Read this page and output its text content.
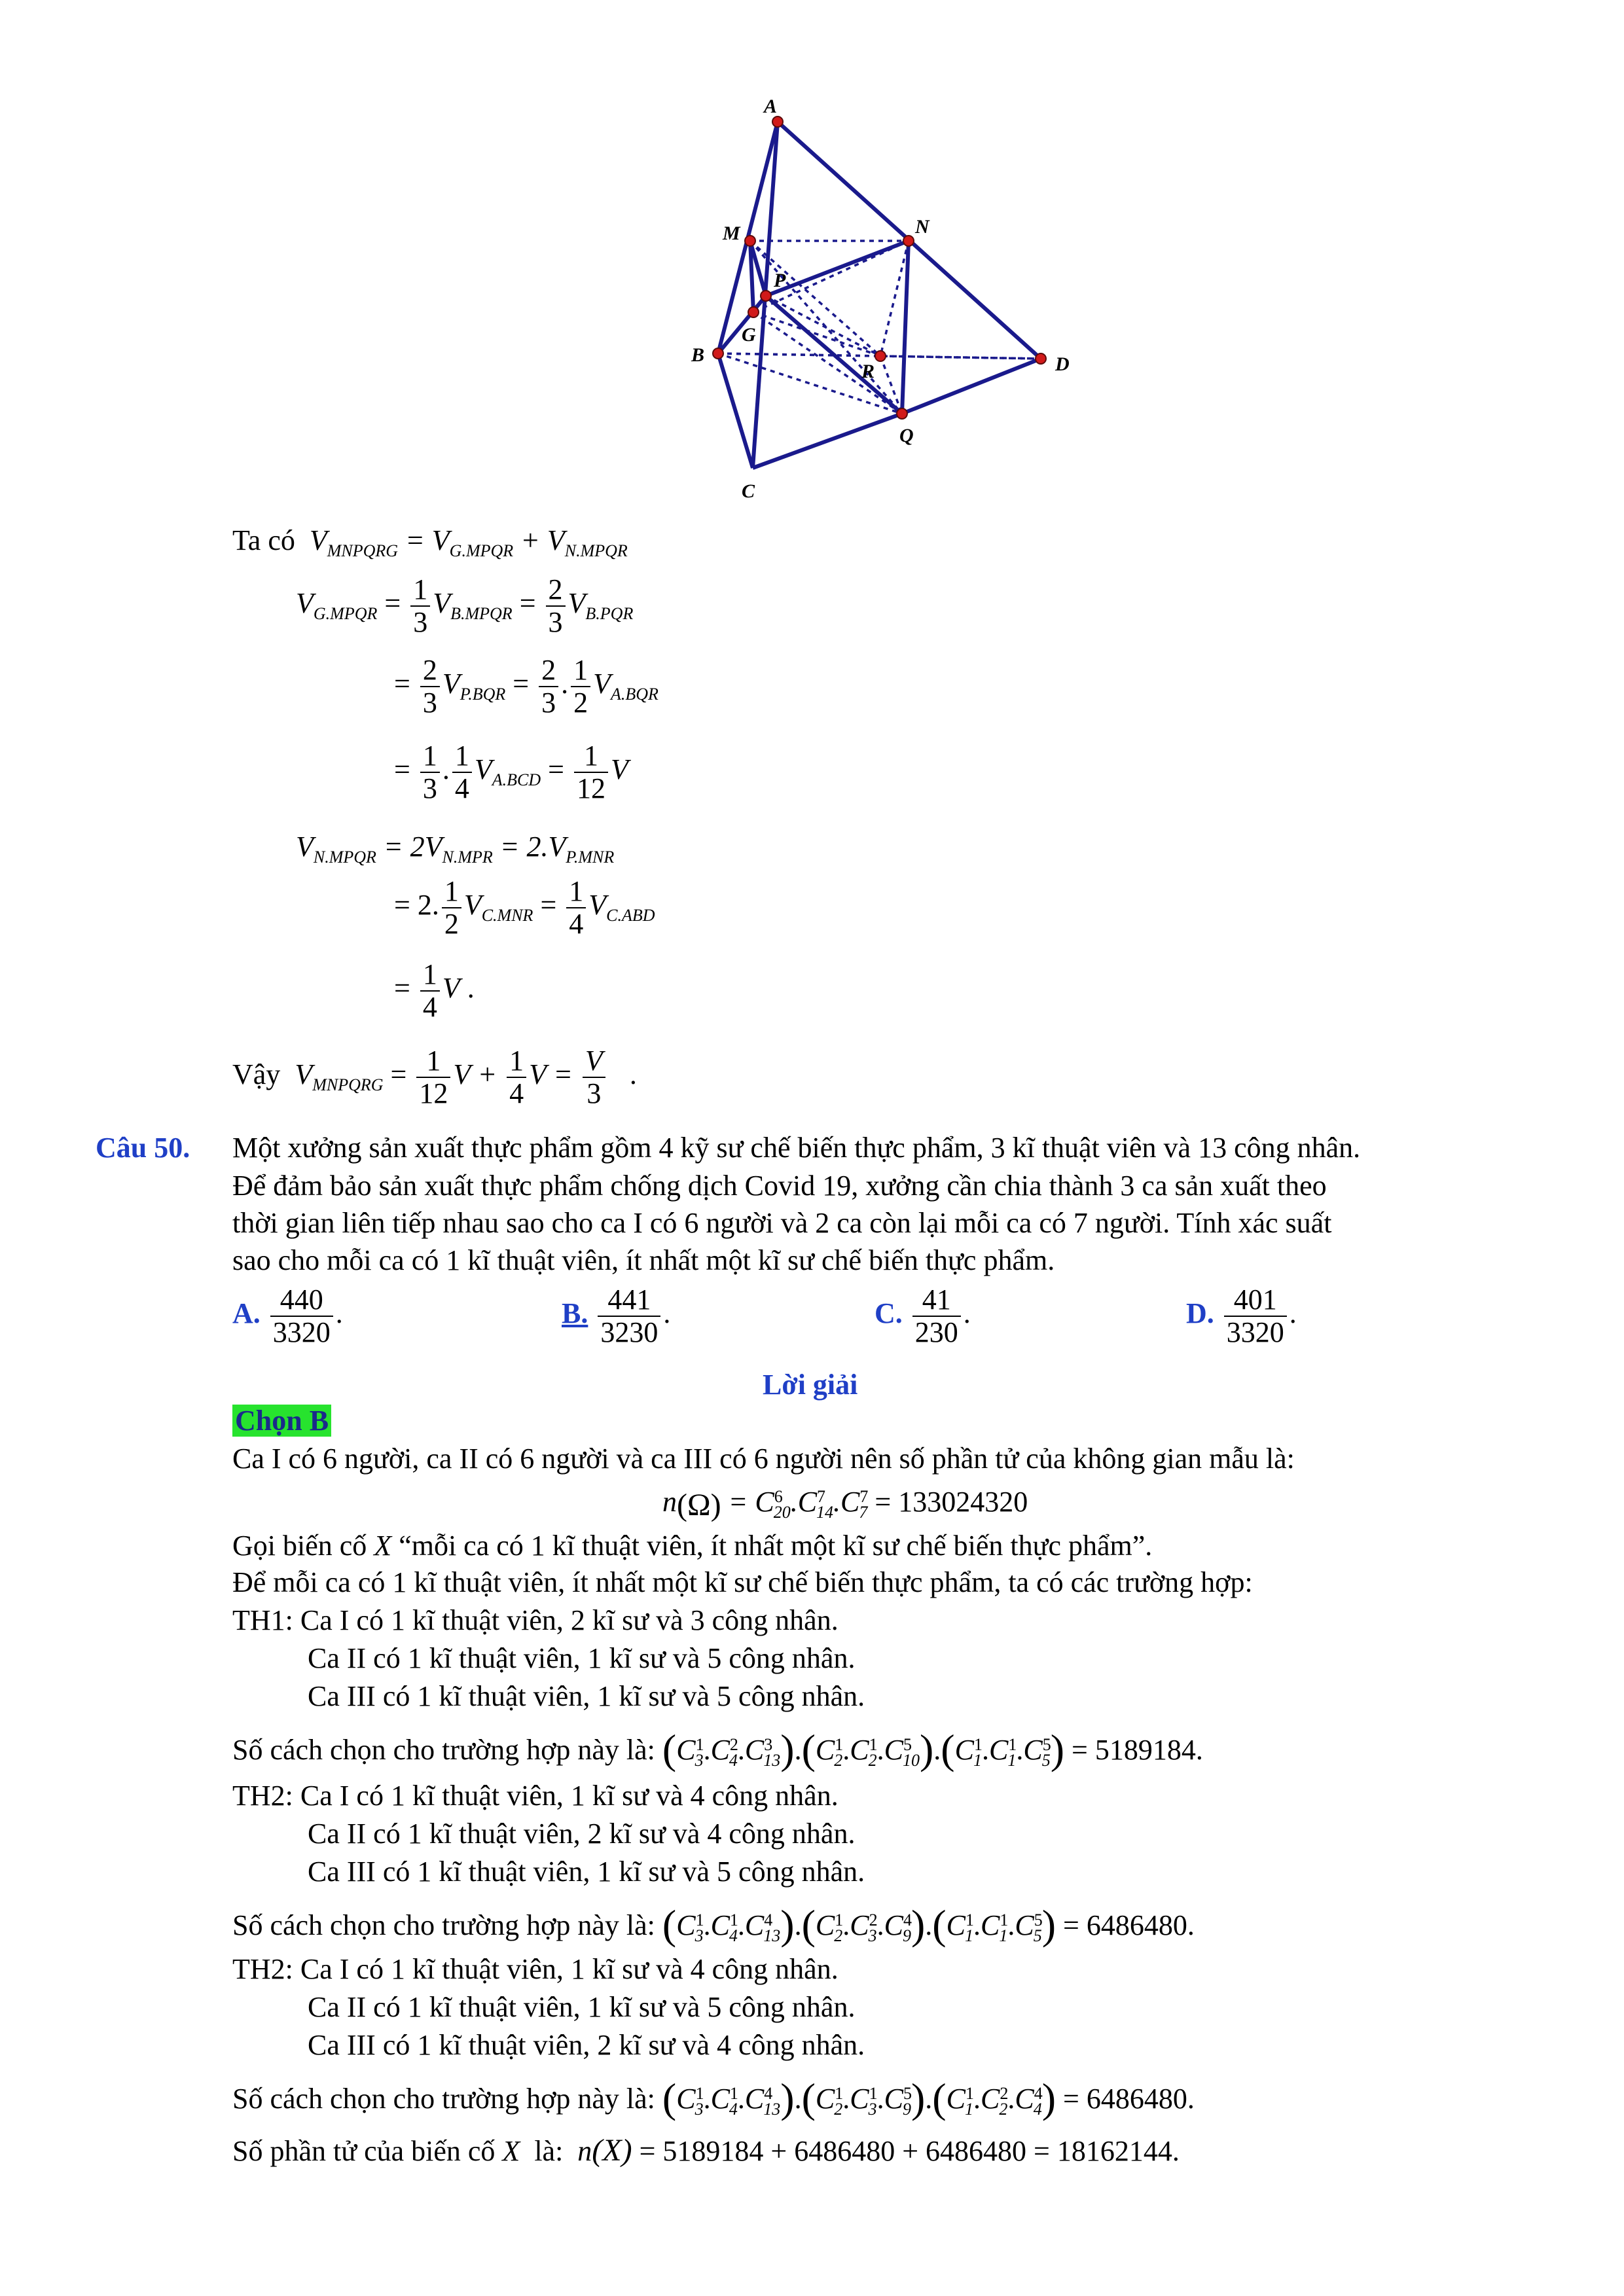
A
M	N
P
G
B
R	D
Q
C
Ta có $V_{MNPQRG} = V_{G.MPQR} + V_{N.MPQR}$
$V_{G.MPQR} = \frac{1}{3} V_{B.MPQR} = \frac{2}{3} V_{B.PQR}$
= $\frac{2}{3} V_{P.BQR} = \frac{2}{3}$ . $\frac{1}{2} V_{A.BQR}$
= $\frac{1}{3}$ . $\frac{1}{4} V_{A.BCD} = \frac{1}{12}$ V
$V_{N.MPQR} = 2V_{N.MPR} = 2.V_{P.MNR}$
= 2. $\frac{1}{2} V_{C.MNR} = \frac{1}{4} V_{C.ABD}$
= $\frac{1}{4}$ V .
Vậy $V_{MNPQRG} = \frac{1}{12}$ $V + \frac{1}{4}$ $V = \frac{V}{3}$ .
Câu 50. Một xưởng sản xuất thực phẩm gồm 4 kỹ sư chế biến thực phẩm, 3 kĩ thuật viên và 13 công nhân.
Để đảm bảo sản xuất thực phẩm chống dịch Covid 19, xưởng cần chia thành 3 ca sản xuất theo
thời gian liên tiếp nhau sao cho ca I có 6 người và 2 ca còn lại mỗi ca có 7 người. Tính xác suất
sao cho mỗi ca có 1 kĩ thuật viên, ít nhất một kĩ sư chế biến thực phẩm.
A. $\frac{440}{3320}$ .	B. $\frac{441}{3230}$ .	C. $\frac{41}{230}$ .	D. $\frac{401}{3320}$ .
Lời giải
Chọn B
Ca I có 6 người, ca II có 6 người và ca III có 6 người nên số phần tử của không gian mẫu là:
$n(\Omega) = C^6_{20}.C^7_{14}.C^7_7 = 133024320$
Gọi biến cố X “mỗi ca có 1 kĩ thuật viên, ít nhất một kĩ sư chế biến thực phẩm”.
Để mỗi ca có 1 kĩ thuật viên, ít nhất một kĩ sư chế biến thực phẩm, ta có các trường hợp:
TH1: Ca I có 1 kĩ thuật viên, 2 kĩ sư và 3 công nhân.
Ca II có 1 kĩ thuật viên, 1 kĩ sư và 5 công nhân.
Ca III có 1 kĩ thuật viên, 1 kĩ sư và 5 công nhân.
Số cách chọn cho trường hợp này là: $(C^1_3.C^2_4.C^3_{13}).(C^1_2.C^1_2.C^5_{10}).(C^1_1.C^1_1.C^5_5) = 5189184$.
TH2: Ca I có 1 kĩ thuật viên, 1 kĩ sư và 4 công nhân.
Ca II có 1 kĩ thuật viên, 2 kĩ sư và 4 công nhân.
Ca III có 1 kĩ thuật viên, 1 kĩ sư và 5 công nhân.
Số cách chọn cho trường hợp này là: $(C^1_3.C^1_4.C^4_{13}).(C^1_2.C^2_3.C^4_9).(C^1_1.C^1_1.C^5_5) = 6486480$.
TH2: Ca I có 1 kĩ thuật viên, 1 kĩ sư và 4 công nhân.
Ca II có 1 kĩ thuật viên, 1 kĩ sư và 5 công nhân.
Ca III có 1 kĩ thuật viên, 2 kĩ sư và 4 công nhân.
Số cách chọn cho trường hợp này là: $(C^1_3.C^1_4.C^4_{13}).(C^1_2.C^1_3.C^5_9).(C^1_1.C^2_2.C^4_4) = 6486480$.
Số phần tử của biến cố X là: n(X) = 5189184 + 6486480 + 6486480 = 18162144.
